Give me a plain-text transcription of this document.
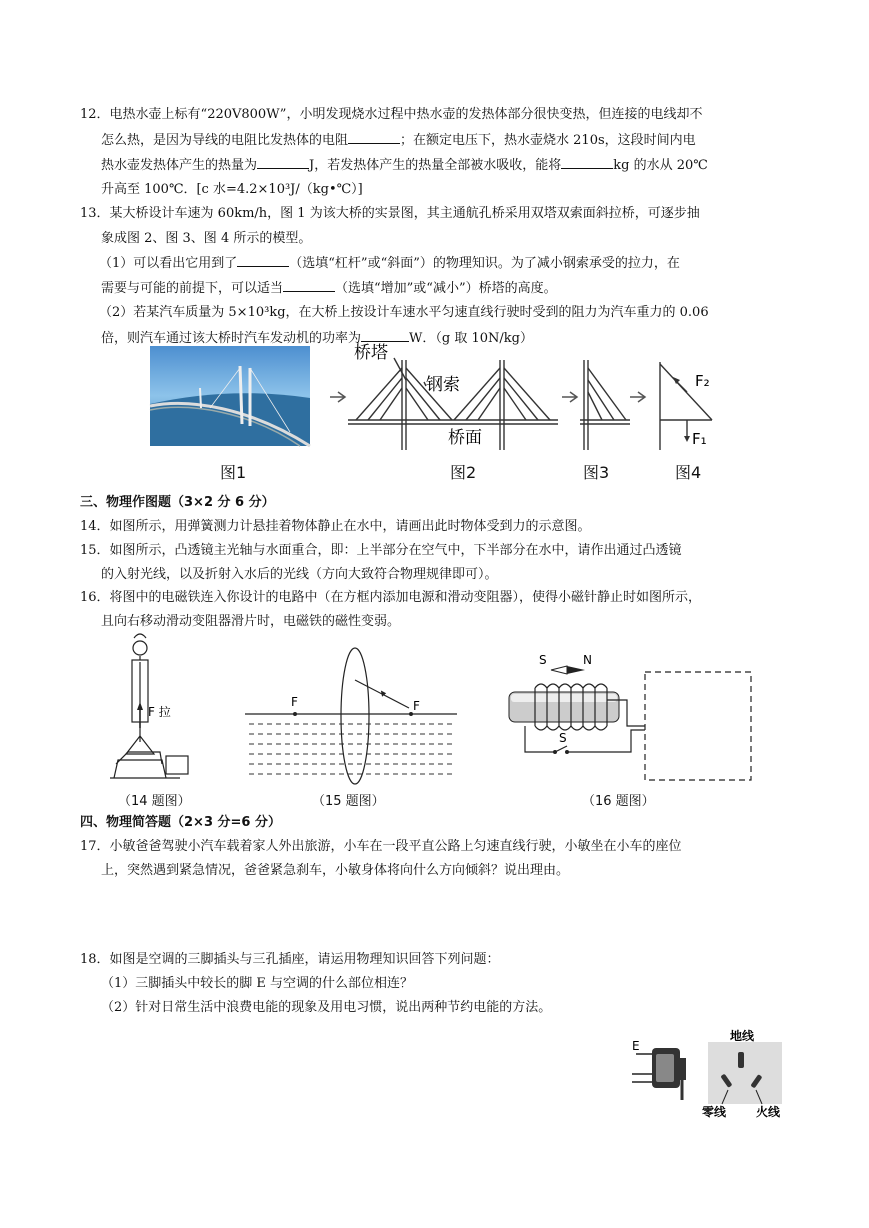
12．电热水壶上标有“220V800W”，小明发现烧水过程中热水壶的发热体部分很快变热，但连接的电线却不
怎么热，是因为导线的电阻比发热体的电阻	；在额定电压下，热水壶烧水 210s，这段时间内电
热水壶发热体产生的热量为	J，若发热体产生的热量全部被水吸收，能将	kg 的水从 20℃
升高至 100℃．[c 水=4.2×10³J/（kg•℃）]
13．某大桥设计车速为 60km/h，图 1 为该大桥的实景图，其主通航孔桥采用双塔双索面斜拉桥，可逐步抽
象成图 2、图 3、图 4 所示的模型。
（1）可以看出它用到了	（选填“杠杆”或“斜面”）的物理知识。为了减小钢索承受的拉力，在
需要与可能的前提下，可以适当	（选填“增加”或“减小”）桥塔的高度。
（2）若某汽车质量为 5×10³kg，在大桥上按设计车速水平匀速直线行驶时受到的阻力为汽车重力的 0.06
倍，则汽车通过该大桥时汽车发动机的功率为	W．（g 取 10N/kg）
桥塔
钢索
桥面
F₂
F₁
图1	图2	图3	图4
三、物理作图题（3×2 分 6 分）
14．如图所示，用弹簧测力计悬挂着物体静止在水中，请画出此时物体受到力的示意图。
15．如图所示，凸透镜主光轴与水面重合，即：上半部分在空气中，下半部分在水中，请作出通过凸透镜
的入射光线，以及折射入水后的光线（方向大致符合物理规律即可）。
16．将图中的电磁铁连入你设计的电路中（在方框内添加电源和滑动变阻器），使得小磁针静止时如图所示，
且向右移动滑动变阻器滑片时，电磁铁的磁性变弱。
F 拉
F	F
S	N
S
（14 题图）	（15 题图）	（16 题图）
四、物理简答题（2×3 分=6 分）
17．小敏爸爸驾驶小汽车载着家人外出旅游，小车在一段平直公路上匀速直线行驶，小敏坐在小车的座位
上，突然遇到紧急情况，爸爸紧急刹车，小敏身体将向什么方向倾斜？说出理由。
18．如图是空调的三脚插头与三孔插座，请运用物理知识回答下列问题：
（1）三脚插头中较长的脚 E 与空调的什么部位相连？
（2）针对日常生活中浪费电能的现象及用电习惯，说出两种节约电能的方法。
E
地线
零线 火线
